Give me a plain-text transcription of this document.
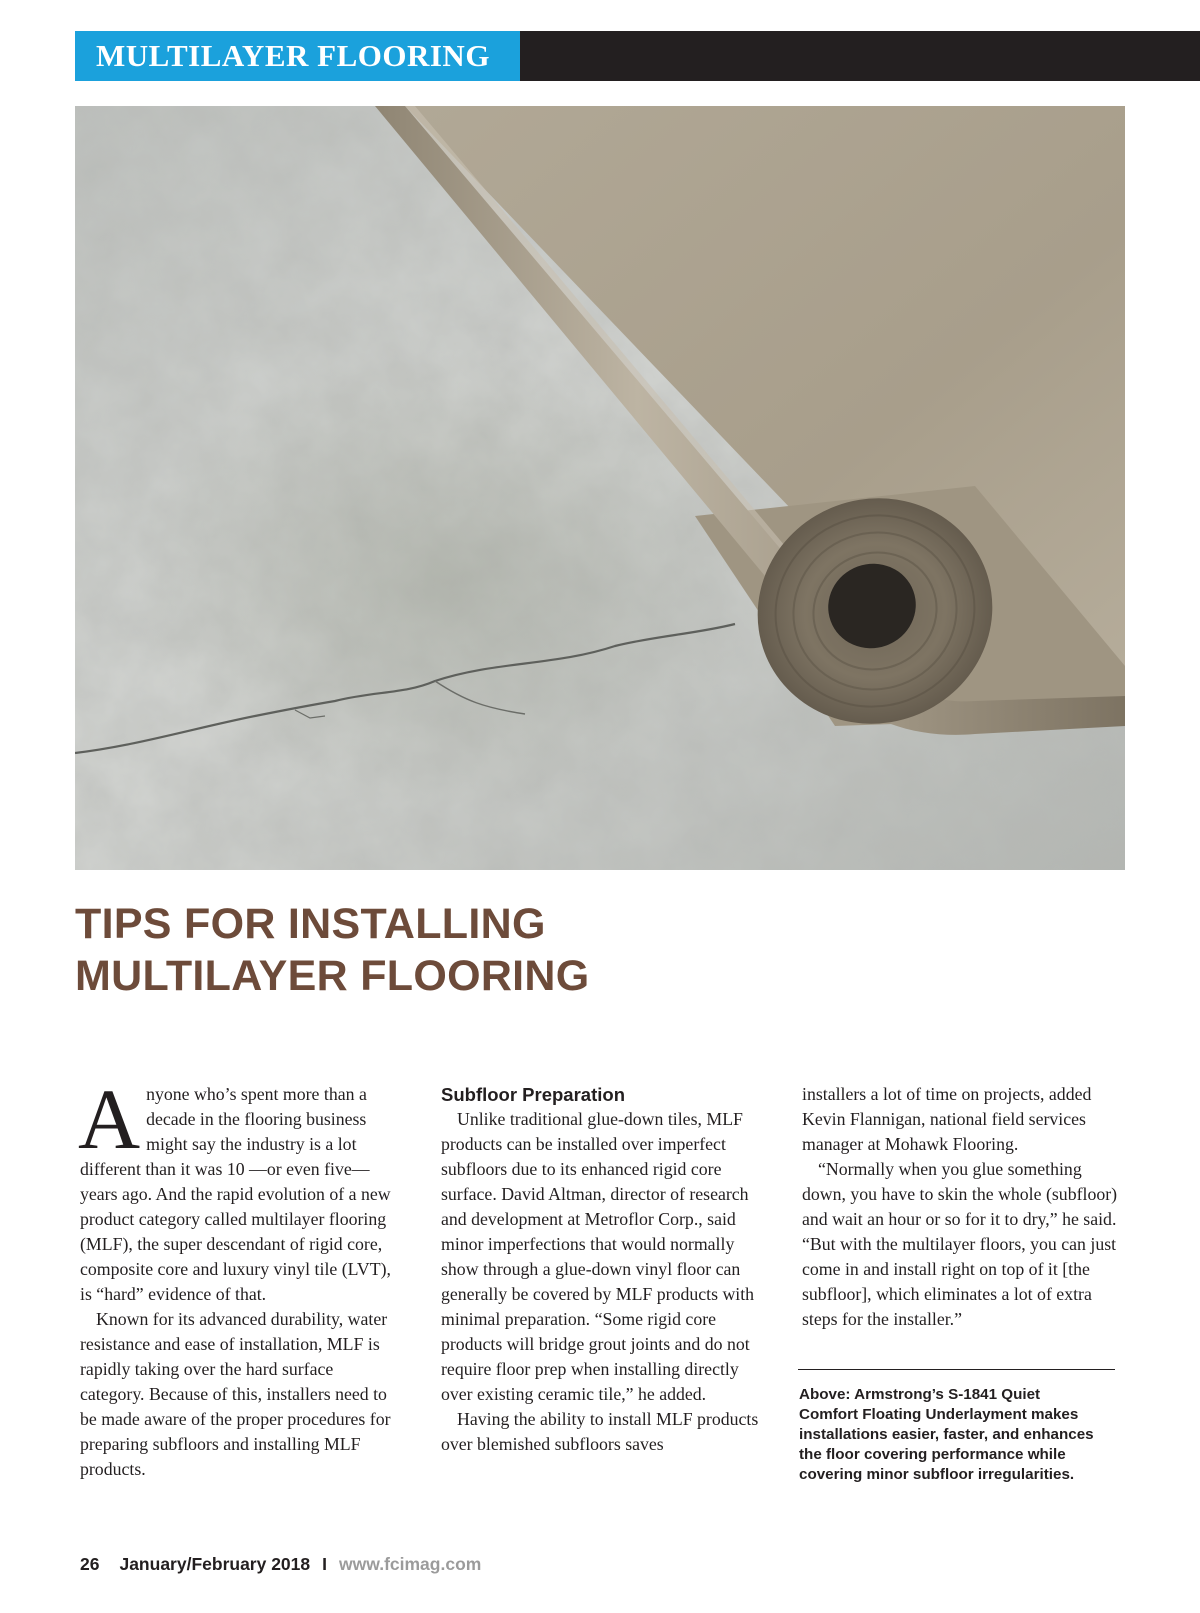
MULTILAYER FLOORING
TIPS FOR INSTALLING
MULTILAYER FLOORING

Anyone who’s spent more than a decade in the flooring business might say the industry is a lot different than it was 10 —or even five— years ago. And the rapid evolution of a new product category called multilayer flooring (MLF), the super descendant of rigid core, composite core and luxury vinyl tile (LVT), is “hard” evidence of that.

Known for its advanced durability, water resistance and ease of installation, MLF is rapidly taking over the hard surface category. Because of this, installers need to be made aware of the proper procedures for preparing subfloors and installing MLF products.

Subfloor Preparation

Unlike traditional glue-down tiles, MLF products can be installed over imperfect subfloors due to its enhanced rigid core surface. David Altman, director of research and development at Metroflor Corp., said minor imperfections that would normally show through a glue-down vinyl floor can generally be covered by MLF products with minimal preparation. “Some rigid core products will bridge grout joints and do not require floor prep when installing directly over existing ceramic tile,” he added.

Having the ability to install MLF products over blemished subfloors saves

installers a lot of time on projects, added Kevin Flannigan, national field services manager at Mohawk Flooring.

“Normally when you glue something down, you have to skin the whole (subfloor) and wait an hour or so for it to dry,” he said. “But with the multilayer floors, you can just come in and install right on top of it [the subfloor], which eliminates a lot of extra steps for the installer.”

Above: Armstrong’s S-1841 Quiet Comfort Floating Underlayment makes installations easier, faster, and enhances the floor covering performance while covering minor subfloor irregularities.

26 January/February 2018 I www.fcimag.com
